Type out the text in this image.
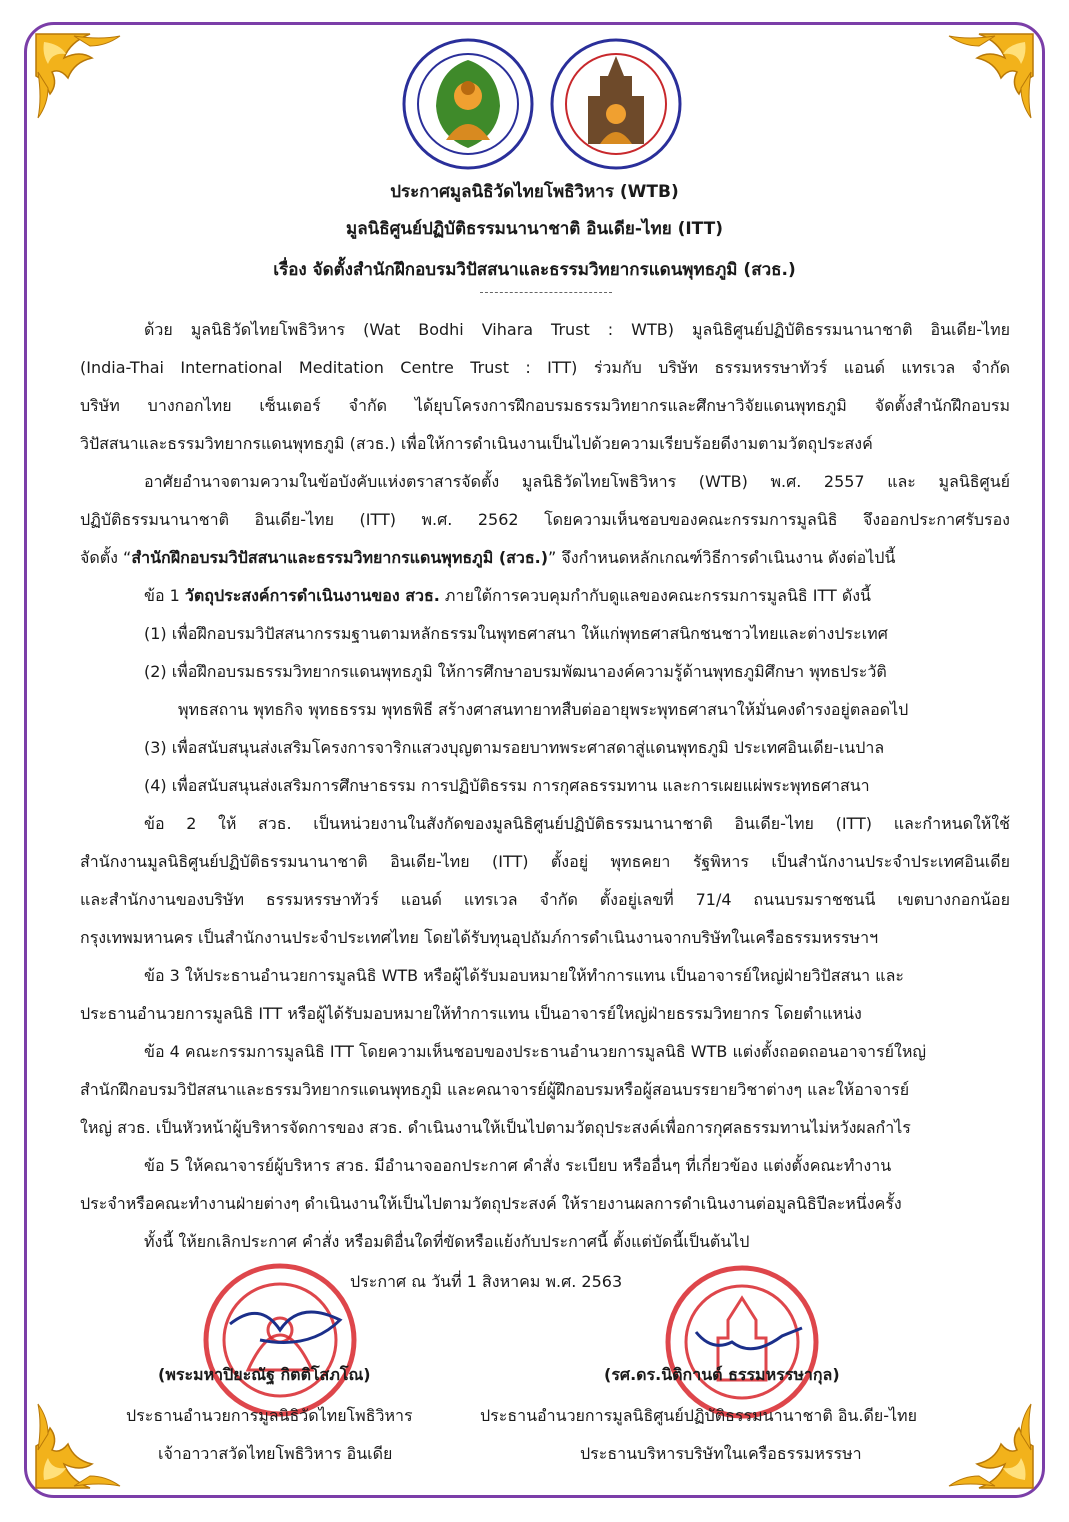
ประกาศมูลนิธิวัดไทยโพธิวิหาร (WTB)
มูลนิธิศูนย์ปฏิบัติธรรมนานาชาติ อินเดีย-ไทย (ITT)
เรื่อง จัดตั้งสำนักฝึกอบรมวิปัสสนาและธรรมวิทยากรแดนพุทธภูมิ (สวธ.)
ด้วย มูลนิธิวัดไทยโพธิวิหาร (Wat Bodhi Vihara Trust : WTB) มูลนิธิศูนย์ปฏิบัติธรรมนานาชาติ อินเดีย-ไทย
(India-Thai International Meditation Centre Trust : ITT) ร่วมกับ บริษัท ธรรมหรรษาทัวร์ แอนด์ แทรเวล จำกัด
บริษัท บางกอกไทย เซ็นเตอร์ จำกัด ได้ยุบโครงการฝึกอบรมธรรมวิทยากรและศึกษาวิจัยแดนพุทธภูมิ จัดตั้งสำนักฝึกอบรม
วิปัสสนาและธรรมวิทยากรแดนพุทธภูมิ (สวธ.) เพื่อให้การดำเนินงานเป็นไปด้วยความเรียบร้อยดีงามตามวัตถุประสงค์
อาศัยอำนาจตามความในข้อบังคับแห่งตราสารจัดตั้ง มูลนิธิวัดไทยโพธิวิหาร (WTB) พ.ศ. 2557 และ มูลนิธิศูนย์
ปฏิบัติธรรมนานาชาติ อินเดีย-ไทย (ITT) พ.ศ. 2562 โดยความเห็นชอบของคณะกรรมการมูลนิธิ จึงออกประกาศรับรอง
จัดตั้ง “สำนักฝึกอบรมวิปัสสนาและธรรมวิทยากรแดนพุทธภูมิ (สวธ.)” จึงกำหนดหลักเกณฑ์วิธีการดำเนินงาน ดังต่อไปนี้
ข้อ 1 วัตถุประสงค์การดำเนินงานของ สวธ. ภายใต้การควบคุมกำกับดูแลของคณะกรรมการมูลนิธิ ITT ดังนี้
(1) เพื่อฝึกอบรมวิปัสสนากรรมฐานตามหลักธรรมในพุทธศาสนา ให้แก่พุทธศาสนิกชนชาวไทยและต่างประเทศ
(2) เพื่อฝึกอบรมธรรมวิทยากรแดนพุทธภูมิ ให้การศึกษาอบรมพัฒนาองค์ความรู้ด้านพุทธภูมิศึกษา พุทธประวัติ
พุทธสถาน พุทธกิจ พุทธธรรม พุทธพิธี สร้างศาสนทายาทสืบต่ออายุพระพุทธศาสนาให้มั่นคงดำรงอยู่ตลอดไป
(3) เพื่อสนับสนุนส่งเสริมโครงการจาริกแสวงบุญตามรอยบาทพระศาสดาสู่แดนพุทธภูมิ ประเทศอินเดีย-เนปาล
(4) เพื่อสนับสนุนส่งเสริมการศึกษาธรรม การปฏิบัติธรรม การกุศลธรรมทาน และการเผยแผ่พระพุทธศาสนา
ข้อ 2 ให้ สวธ. เป็นหน่วยงานในสังกัดของมูลนิธิศูนย์ปฏิบัติธรรมนานาชาติ อินเดีย-ไทย (ITT) และกำหนดให้ใช้
สำนักงานมูลนิธิศูนย์ปฏิบัติธรรมนานาชาติ อินเดีย-ไทย (ITT) ตั้งอยู่ พุทธคยา รัฐพิหาร เป็นสำนักงานประจำประเทศอินเดีย
และสำนักงานของบริษัท ธรรมหรรษาทัวร์ แอนด์ แทรเวล จำกัด ตั้งอยู่เลขที่ 71/4 ถนนบรมราชชนนี เขตบางกอกน้อย
กรุงเทพมหานคร เป็นสำนักงานประจำประเทศไทย โดยได้รับทุนอุปถัมภ์การดำเนินงานจากบริษัทในเครือธรรมหรรษาฯ
ข้อ 3 ให้ประธานอำนวยการมูลนิธิ WTB หรือผู้ได้รับมอบหมายให้ทำการแทน เป็นอาจารย์ใหญ่ฝ่ายวิปัสสนา และ
ประธานอำนวยการมูลนิธิ ITT หรือผู้ได้รับมอบหมายให้ทำการแทน เป็นอาจารย์ใหญ่ฝ่ายธรรมวิทยากร โดยตำแหน่ง
ข้อ 4 คณะกรรมการมูลนิธิ ITT โดยความเห็นชอบของประธานอำนวยการมูลนิธิ WTB แต่งตั้งถอดถอนอาจารย์ใหญ่
สำนักฝึกอบรมวิปัสสนาและธรรมวิทยากรแดนพุทธภูมิ และคณาจารย์ผู้ฝึกอบรมหรือผู้สอนบรรยายวิชาต่างๆ และให้อาจารย์
ใหญ่ สวธ. เป็นหัวหน้าผู้บริหารจัดการของ สวธ. ดำเนินงานให้เป็นไปตามวัตถุประสงค์เพื่อการกุศลธรรมทานไม่หวังผลกำไร
ข้อ 5 ให้คณาจารย์ผู้บริหาร สวธ. มีอำนาจออกประกาศ คำสั่ง ระเบียบ หรืออื่นๆ ที่เกี่ยวข้อง แต่งตั้งคณะทำงาน
ประจำหรือคณะทำงานฝ่ายต่างๆ ดำเนินงานให้เป็นไปตามวัตถุประสงค์ ให้รายงานผลการดำเนินงานต่อมูลนิธิปีละหนึ่งครั้ง
ทั้งนี้ ให้ยกเลิกประกาศ คำสั่ง หรือมติอื่นใดที่ขัดหรือแย้งกับประกาศนี้ ตั้งแต่บัดนี้เป็นต้นไป
ประกาศ ณ วันที่ 1 สิงหาคม พ.ศ. 2563
(พระมหาปิยะณัฐ กิตติโสภโณ)
ประธานอำนวยการมูลนิธิวัดไทยโพธิวิหาร
เจ้าอาวาสวัดไทยโพธิวิหาร อินเดีย
(รศ.ดร.นิติกานต์ ธรรมหรรษากุล)
ประธานอำนวยการมูลนิธิศูนย์ปฏิบัติธรรมนานาชาติ อิน.ดีย-ไทย
ประธานบริหารบริษัทในเครือธรรมหรรษา
